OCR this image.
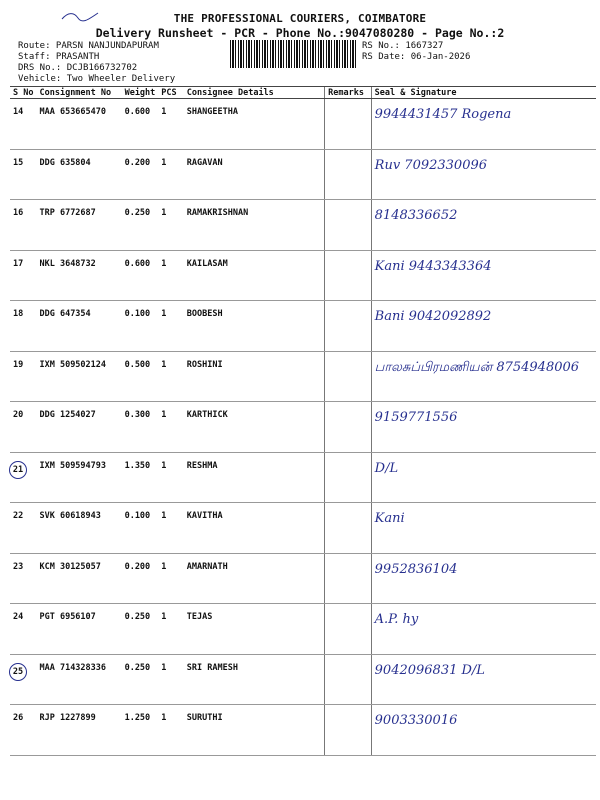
THE PROFESSIONAL COURIERS, COIMBATORE
Delivery Runsheet - PCR - Phone No.:9047080280 - Page No.:2
Route: PARSN NANJUNDAPURAM
Staff: PRASANTH
DRS No.: DCJB166732702
Vehicle: Two Wheeler Delivery
RS No.: 1667327
RS Date: 06-Jan-2026
S No	Consignment No	Weight	PCS	Consignee Details	Remarks	Seal & Signature
14	MAA 653665470	0.600	1	SHANGEETHA		9944431457 Rogena
15	DDG 635804	0.200	1	RAGAVAN		Ruv 7092330096
16	TRP 6772687	0.250	1	RAMAKRISHNAN		8148336652
17	NKL 3648732	0.600	1	KAILASAM		Kani 9443343364
18	DDG 647354	0.100	1	BOOBESH		Bani 9042092892
19	IXM 509502124	0.500	1	ROSHINI		பாலசுப்பிரமணியன் 8754948006
20	DDG 1254027	0.300	1	KARTHICK		9159771556
21	IXM 509594793	1.350	1	RESHMA		D/L
22	SVK 60618943	0.100	1	KAVITHA		Kani
23	KCM 30125057	0.200	1	AMARNATH		9952836104
24	PGT 6956107	0.250	1	TEJAS		A.P. hy
25	MAA 714328336	0.250	1	SRI RAMESH		9042096831 D/L
26	RJP 1227899	1.250	1	SURUTHI		9003330016
